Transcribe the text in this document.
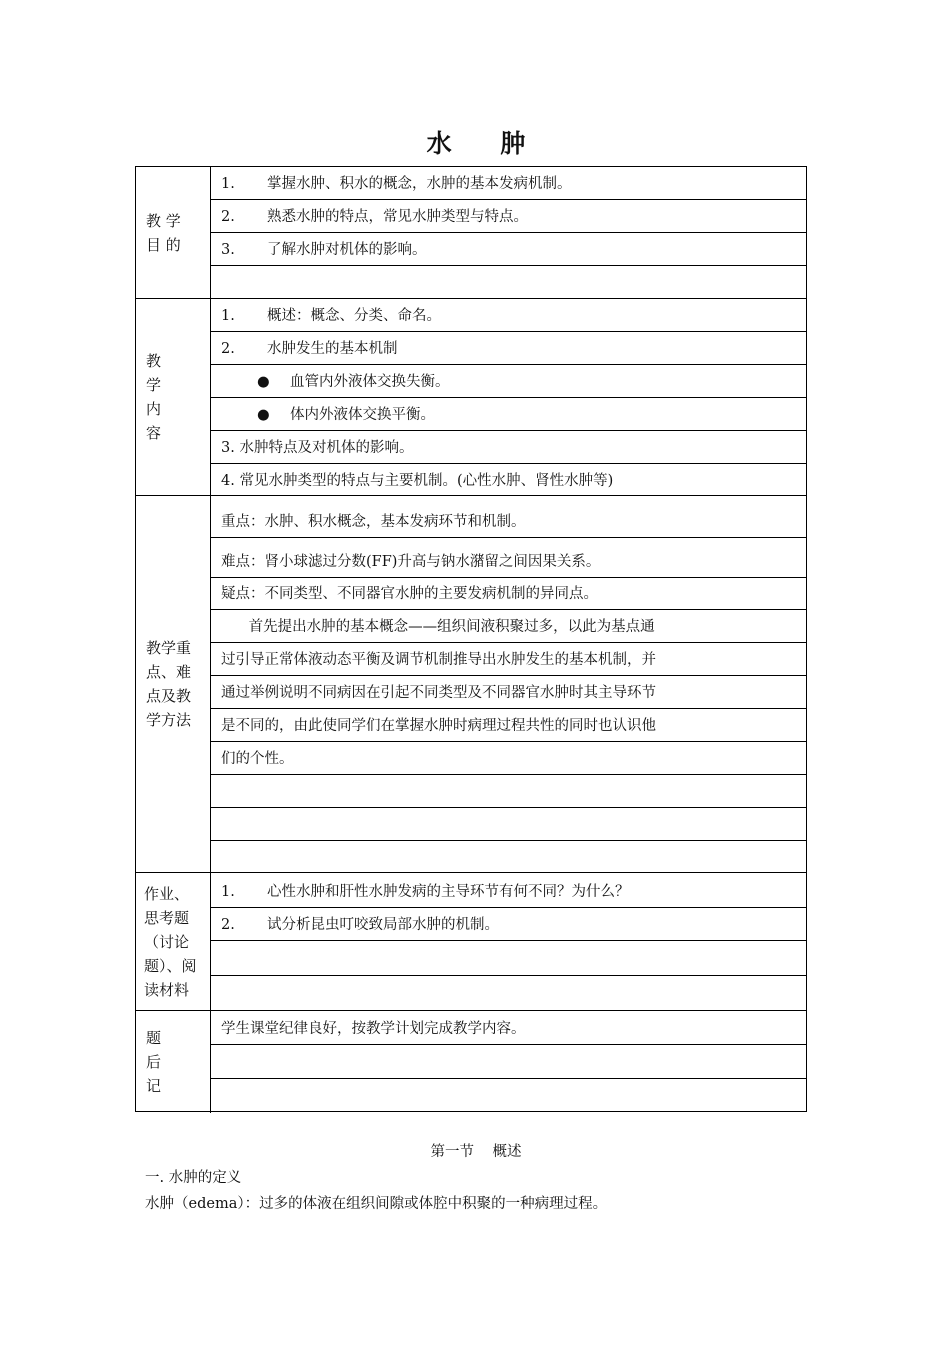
水 肿
教 学
目 的
1. 掌握水肿、积水的概念，水肿的基本发病机制。
2. 熟悉水肿的特点，常见水肿类型与特点。
3. 了解水肿对机体的影响。
教
学
内
容
1. 概述：概念、分类、命名。
2. 水肿发生的基本机制
● 血管内外液体交换失衡。
● 体内外液体交换平衡。
3. 水肿特点及对机体的影响。
4. 常见水肿类型的特点与主要机制。(心性水肿、肾性水肿等)
教学重
点、难
点及教
学方法
重点：水肿、积水概念，基本发病环节和机制。
难点：肾小球滤过分数(FF)升高与钠水潴留之间因果关系。
疑点：不同类型、不同器官水肿的主要发病机制的异同点。
首先提出水肿的基本概念——组织间液积聚过多，以此为基点通
过引导正常体液动态平衡及调节机制推导出水肿发生的基本机制，并
通过举例说明不同病因在引起不同类型及不同器官水肿时其主导环节
是不同的，由此使同学们在掌握水肿时病理过程共性的同时也认识他
们的个性。
作业、
思考题
（讨论
题）、阅
读材料
1. 心性水肿和肝性水肿发病的主导环节有何不同？为什么？
2. 试分析昆虫叮咬致局部水肿的机制。
题
后
记
学生课堂纪律良好，按教学计划完成教学内容。
第一节    概述
一. 水肿的定义
水肿（edema）：过多的体液在组织间隙或体腔中积聚的一种病理过程。
